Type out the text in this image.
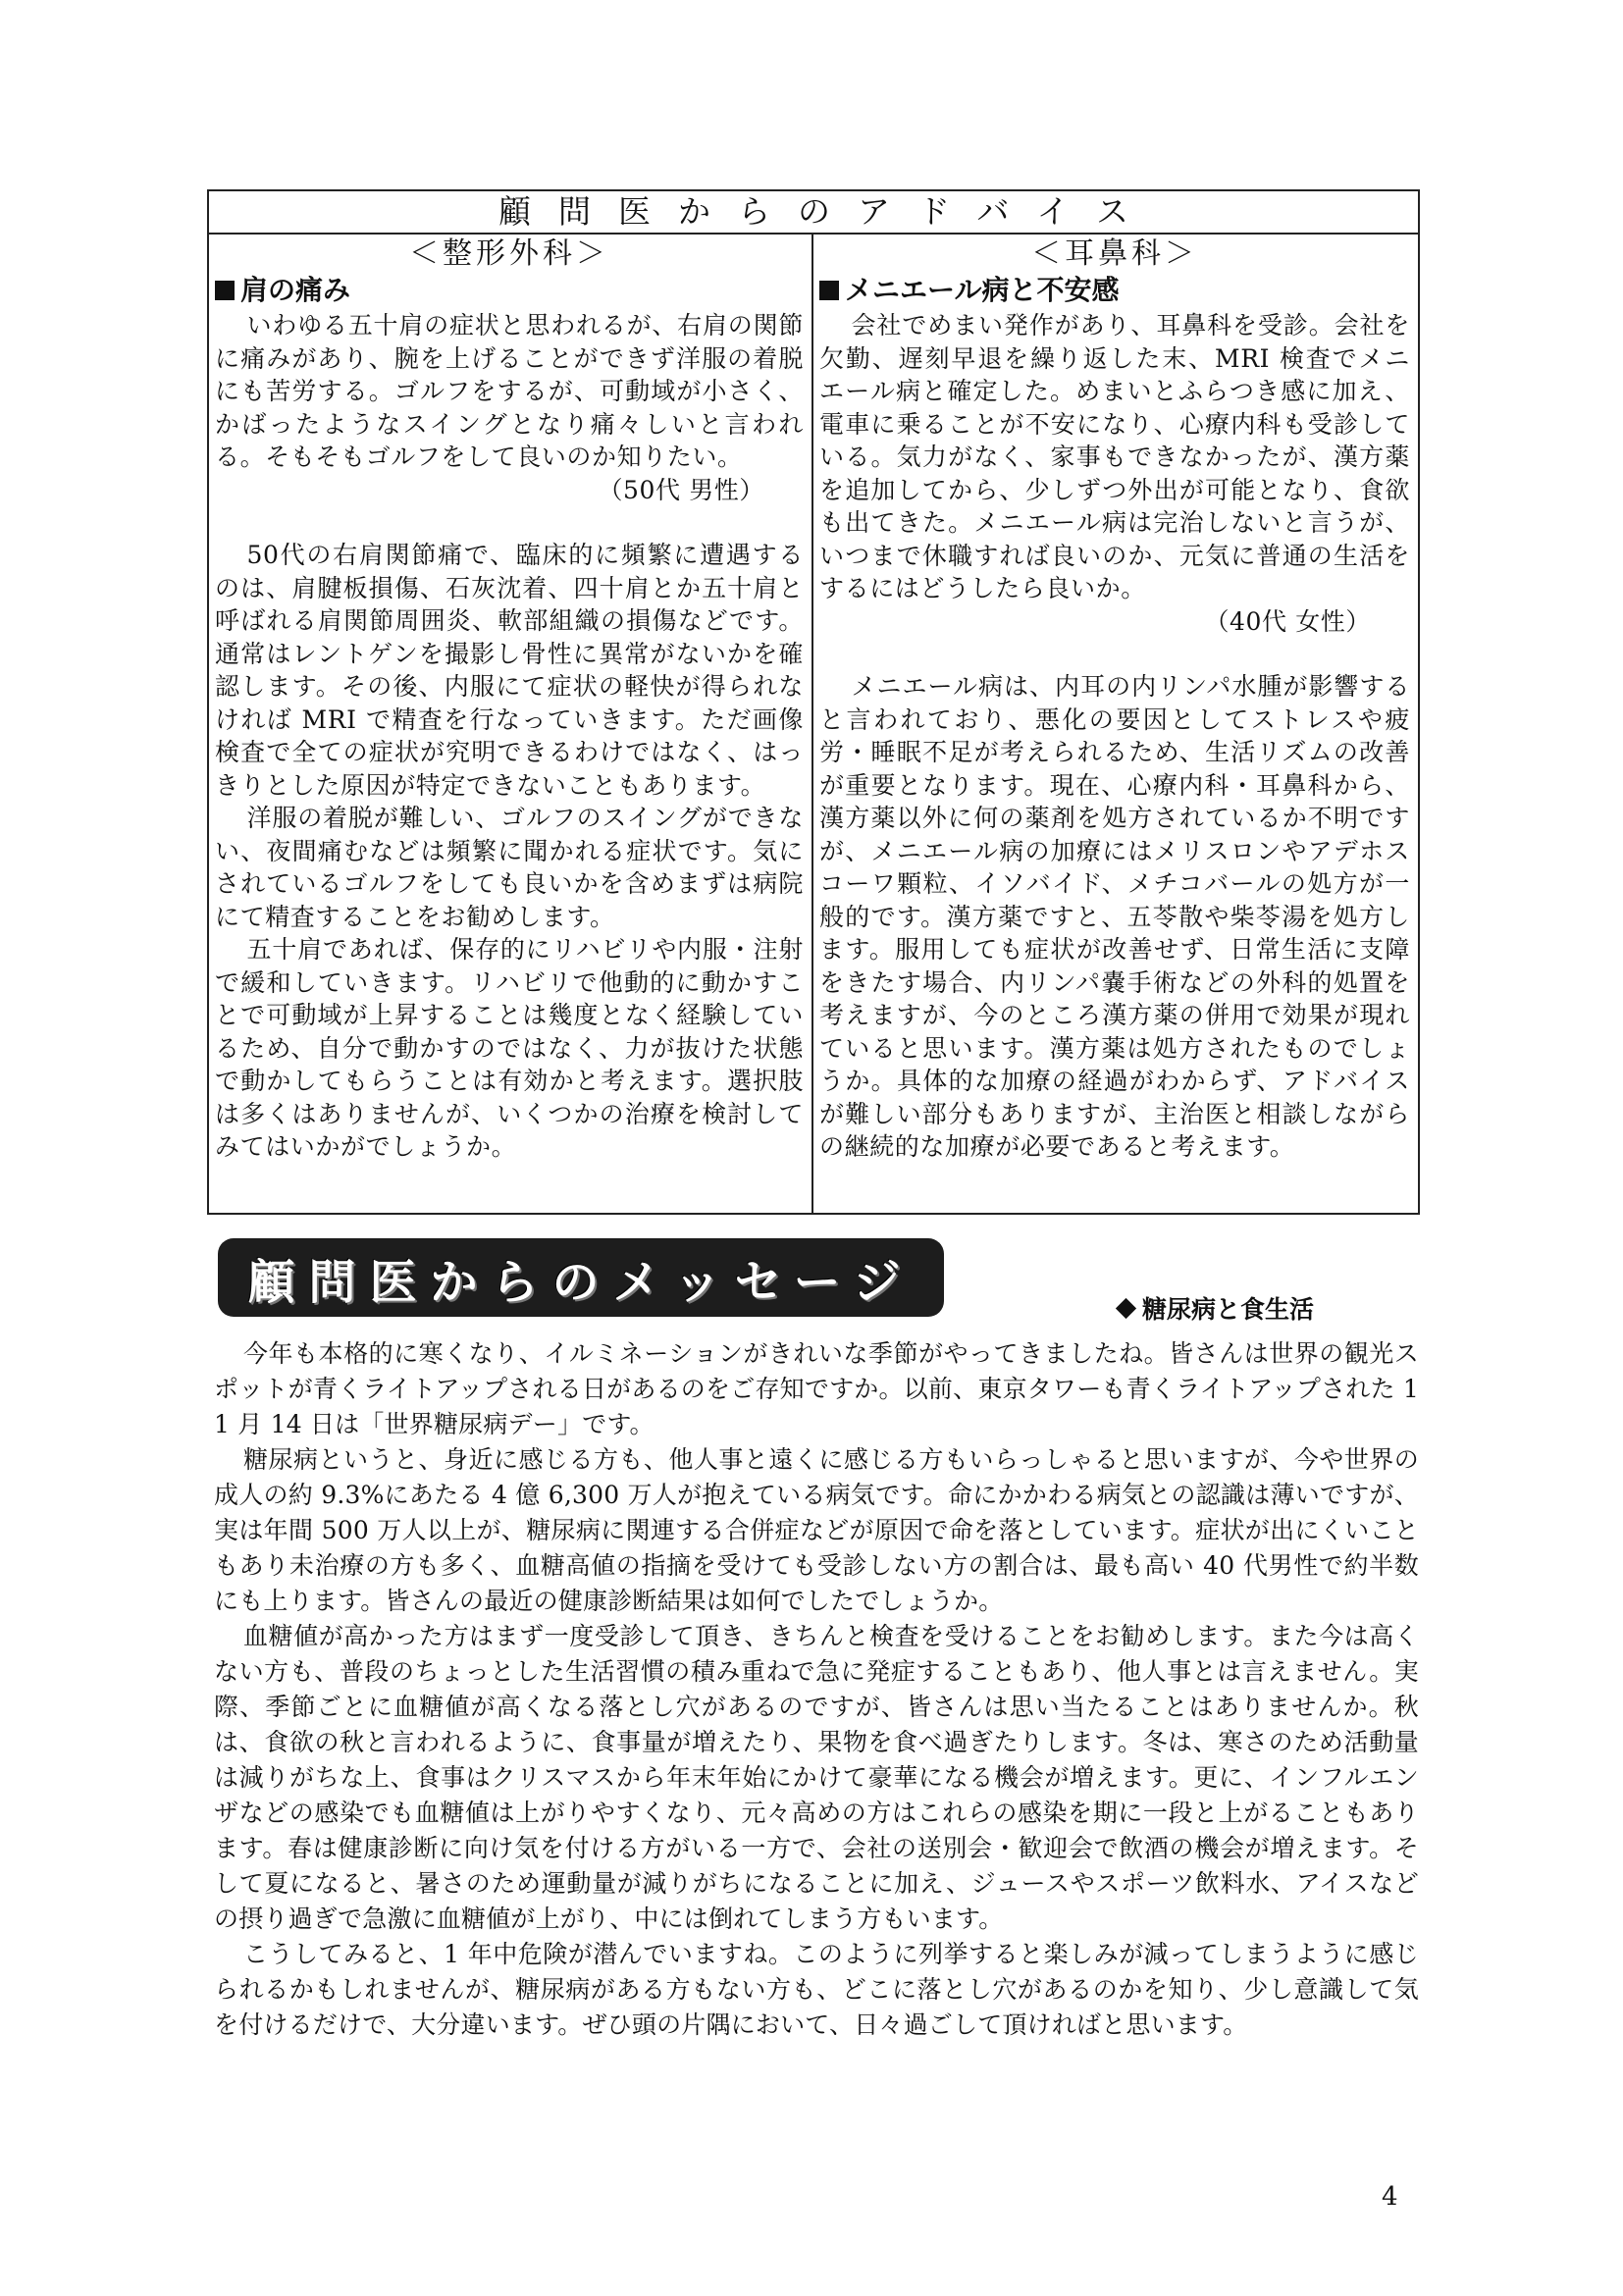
顧問医からのアドバイス
＜整形外科＞
肩の痛み

いわゆる五十肩の症状と思われるが、右肩の関節に痛みがあり、腕を上げることができず洋服の着脱にも苦労する。ゴルフをするが、可動域が小さく、かばったようなスイングとなり痛々しいと言われる。そもそもゴルフをして良いのか知りたい。
（50代 男性）

50代の右肩関節痛で、臨床的に頻繁に遭遇するのは、肩腱板損傷、石灰沈着、四十肩とか五十肩と呼ばれる肩関節周囲炎、軟部組織の損傷などです。通常はレントゲンを撮影し骨性に異常がないかを確認します。その後、内服にて症状の軽快が得られなければ MRI で精査を行なっていきます。ただ画像検査で全ての症状が究明できるわけではなく、はっきりとした原因が特定できないこともあります。

洋服の着脱が難しい、ゴルフのスイングができない、夜間痛むなどは頻繁に聞かれる症状です。気にされているゴルフをしても良いかを含めまずは病院にて精査することをお勧めします。

五十肩であれば、保存的にリハビリや内服・注射で緩和していきます。リハビリで他動的に動かすことで可動域が上昇することは幾度となく経験しているため、自分で動かすのではなく、力が抜けた状態で動かしてもらうことは有効かと考えます。選択肢は多くはありませんが、いくつかの治療を検討してみてはいかがでしょうか。

＜耳鼻科＞
メニエール病と不安感

会社でめまい発作があり、耳鼻科を受診。会社を欠勤、遅刻早退を繰り返した末、MRI 検査でメニエール病と確定した。めまいとふらつき感に加え、電車に乗ることが不安になり、心療内科も受診している。気力がなく、家事もできなかったが、漢方薬を追加してから、少しずつ外出が可能となり、食欲も出てきた。メニエール病は完治しないと言うが、いつまで休職すれば良いのか、元気に普通の生活をするにはどうしたら良いか。
（40代 女性）

メニエール病は、内耳の内リンパ水腫が影響すると言われており、悪化の要因としてストレスや疲労・睡眠不足が考えられるため、生活リズムの改善が重要となります。現在、心療内科・耳鼻科から、漢方薬以外に何の薬剤を処方されているか不明ですが、メニエール病の加療にはメリスロンやアデホスコーワ顆粒、イソバイド、メチコバールの処方が一般的です。漢方薬ですと、五苓散や柴苓湯を処方します。服用しても症状が改善せず、日常生活に支障をきたす場合、内リンパ嚢手術などの外科的処置を考えますが、今のところ漢方薬の併用で効果が現れていると思います。漢方薬は処方されたものでしょうか。具体的な加療の経過がわからず、アドバイスが難しい部分もありますが、主治医と相談しながらの継続的な加療が必要であると考えます。

顧問医からのメッセージ	糖尿病と食生活

今年も本格的に寒くなり、イルミネーションがきれいな季節がやってきましたね。皆さんは世界の観光スポットが青くライトアップされる日があるのをご存知ですか。以前、東京タワーも青くライトアップされた 11 月 14 日は「世界糖尿病デー」です。

糖尿病というと、身近に感じる方も、他人事と遠くに感じる方もいらっしゃると思いますが、今や世界の成人の約 9.3%にあたる 4 億 6,300 万人が抱えている病気です。命にかかわる病気との認識は薄いですが、実は年間 500 万人以上が、糖尿病に関連する合併症などが原因で命を落としています。症状が出にくいこともあり未治療の方も多く、血糖高値の指摘を受けても受診しない方の割合は、最も高い 40 代男性で約半数にも上ります。皆さんの最近の健康診断結果は如何でしたでしょうか。

血糖値が高かった方はまず一度受診して頂き、きちんと検査を受けることをお勧めします。また今は高くない方も、普段のちょっとした生活習慣の積み重ねで急に発症することもあり、他人事とは言えません。実際、季節ごとに血糖値が高くなる落とし穴があるのですが、皆さんは思い当たることはありませんか。秋は、食欲の秋と言われるように、食事量が増えたり、果物を食べ過ぎたりします。冬は、寒さのため活動量は減りがちな上、食事はクリスマスから年末年始にかけて豪華になる機会が増えます。更に、インフルエンザなどの感染でも血糖値は上がりやすくなり、元々高めの方はこれらの感染を期に一段と上がることもあります。春は健康診断に向け気を付ける方がいる一方で、会社の送別会・歓迎会で飲酒の機会が増えます。そして夏になると、暑さのため運動量が減りがちになることに加え、ジュースやスポーツ飲料水、アイスなどの摂り過ぎで急激に血糖値が上がり、中には倒れてしまう方もいます。

こうしてみると、1 年中危険が潜んでいますね。このように列挙すると楽しみが減ってしまうように感じられるかもしれませんが、糖尿病がある方もない方も、どこに落とし穴があるのかを知り、少し意識して気を付けるだけで、大分違います。ぜひ頭の片隅において、日々過ごして頂ければと思います。

4
